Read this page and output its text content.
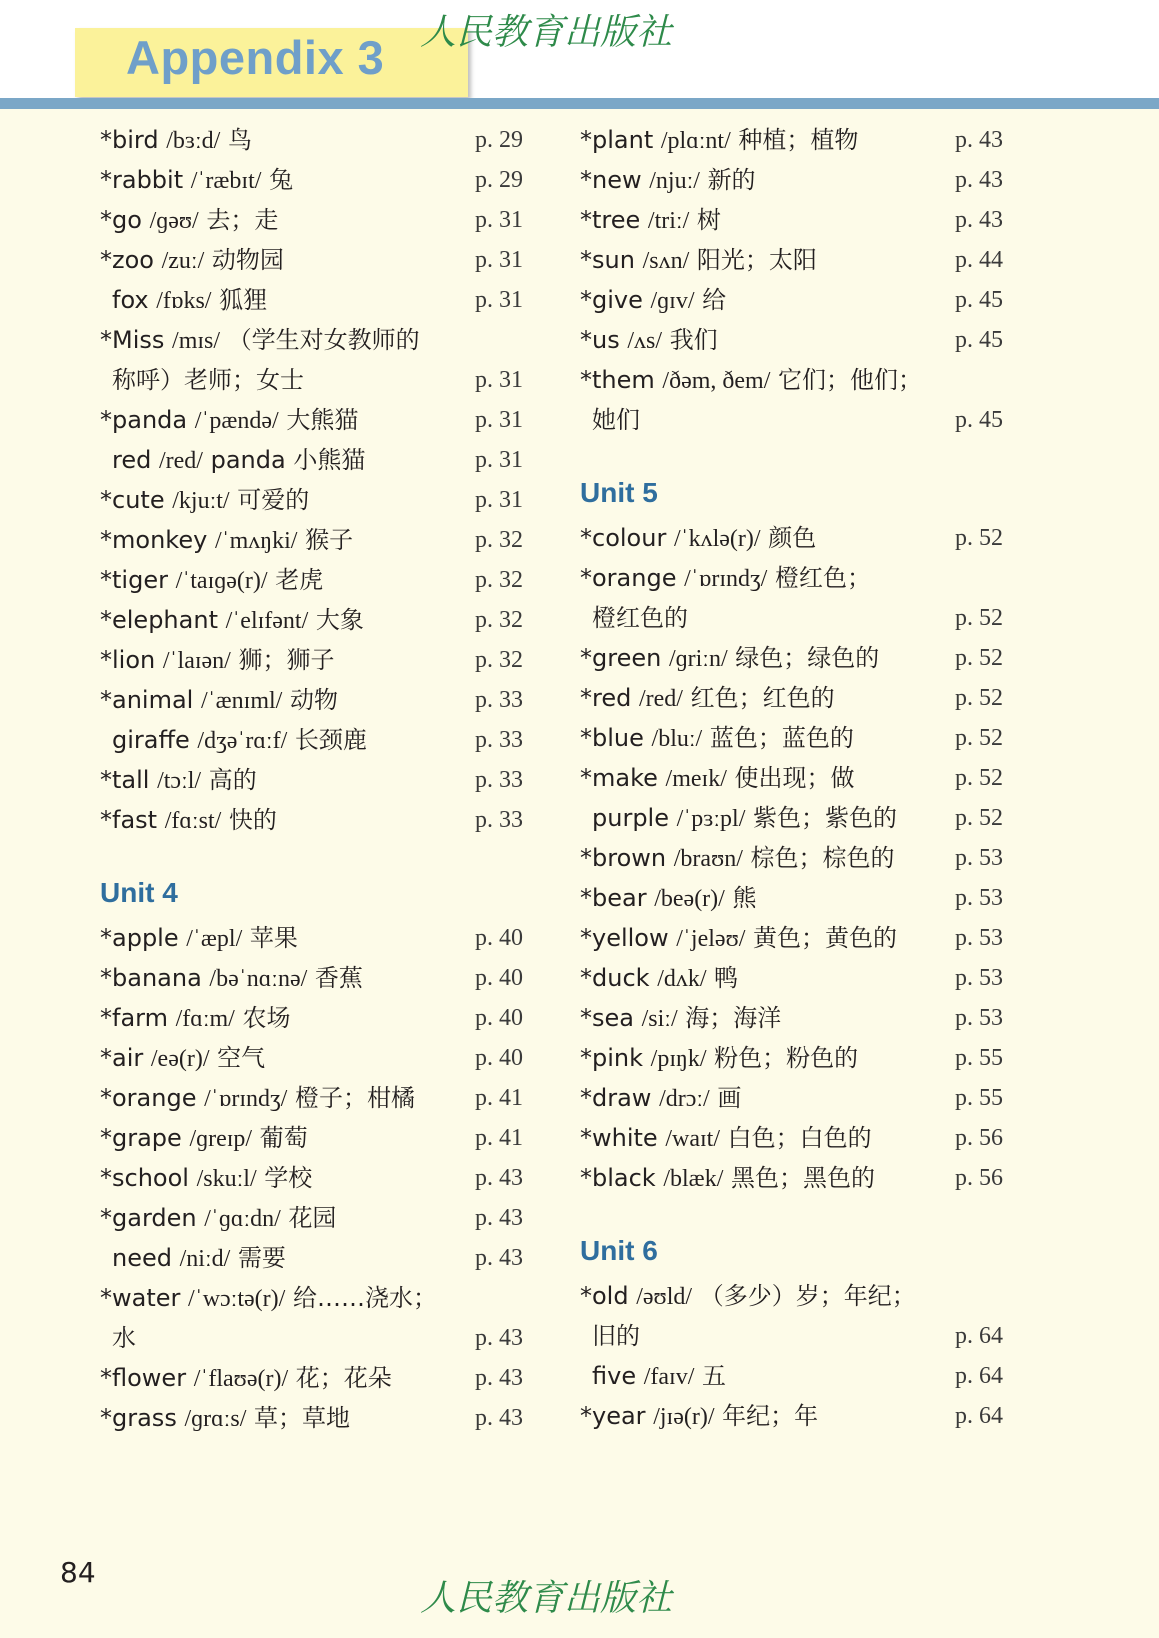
Appendix 3 人民教育出版社
*bird /bɜːd/ 鸟	p. 29
*rabbit /ˈræbɪt/ 兔	p. 29
*go /ɡəʊ/ 去；走	p. 31
*zoo /zuː/ 动物园	p. 31
fox /fɒks/ 狐狸	p. 31
*Miss /mɪs/ （学生对女教师的
称呼）老师；女士	p. 31
*panda /ˈpændə/ 大熊猫	p. 31
red /red/ panda 小熊猫	p. 31
*cute /kjuːt/ 可爱的	p. 31
*monkey /ˈmʌŋki/ 猴子	p. 32
*tiger /ˈtaɪɡə(r)/ 老虎	p. 32
*elephant /ˈelɪfənt/ 大象	p. 32
*lion /ˈlaɪən/ 狮；狮子	p. 32
*animal /ˈænɪml/ 动物	p. 33
giraffe /dʒəˈrɑːf/ 长颈鹿	p. 33
*tall /tɔːl/ 高的	p. 33
*fast /fɑːst/ 快的	p. 33
Unit 4
*apple /ˈæpl/ 苹果	p. 40
*banana /bəˈnɑːnə/ 香蕉	p. 40
*farm /fɑːm/ 农场	p. 40
*air /eə(r)/ 空气	p. 40
*orange /ˈɒrɪndʒ/ 橙子；柑橘	p. 41
*grape /ɡreɪp/ 葡萄	p. 41
*school /skuːl/ 学校	p. 43
*garden /ˈɡɑːdn/ 花园	p. 43
need /niːd/ 需要	p. 43
*water /ˈwɔːtə(r)/ 给……浇水；
水	p. 43
*flower /ˈflaʊə(r)/ 花；花朵	p. 43
*grass /ɡrɑːs/ 草；草地	p. 43
*plant /plɑːnt/ 种植；植物	p. 43
*new /njuː/ 新的	p. 43
*tree /triː/ 树	p. 43
*sun /sʌn/ 阳光；太阳	p. 44
*give /ɡɪv/ 给	p. 45
*us /ʌs/ 我们	p. 45
*them /ðəm, ðem/ 它们；他们；
她们	p. 45
Unit 5
*colour /ˈkʌlə(r)/ 颜色	p. 52
*orange /ˈɒrɪndʒ/ 橙红色；
橙红色的	p. 52
*green /ɡriːn/ 绿色；绿色的	p. 52
*red /red/ 红色；红色的	p. 52
*blue /bluː/ 蓝色；蓝色的	p. 52
*make /meɪk/ 使出现；做	p. 52
purple /ˈpɜːpl/ 紫色；紫色的 p. 52
*brown /braʊn/ 棕色；棕色的	p. 53
*bear /beə(r)/ 熊	p. 53
*yellow /ˈjeləʊ/ 黄色；黄色的 p. 53
*duck /dʌk/ 鸭	p. 53
*sea /siː/ 海；海洋	p. 53
*pink /pɪŋk/ 粉色；粉色的	p. 55
*draw /drɔː/ 画	p. 55
*white /waɪt/ 白色；白色的	p. 56
*black /blæk/ 黑色；黑色的	p. 56
Unit 6
*old /əʊld/ （多少）岁；年纪；
旧的	p. 64
five /faɪv/ 五	p. 64
*year /jɪə(r)/ 年纪；年	p. 64
84
人民教育出版社
